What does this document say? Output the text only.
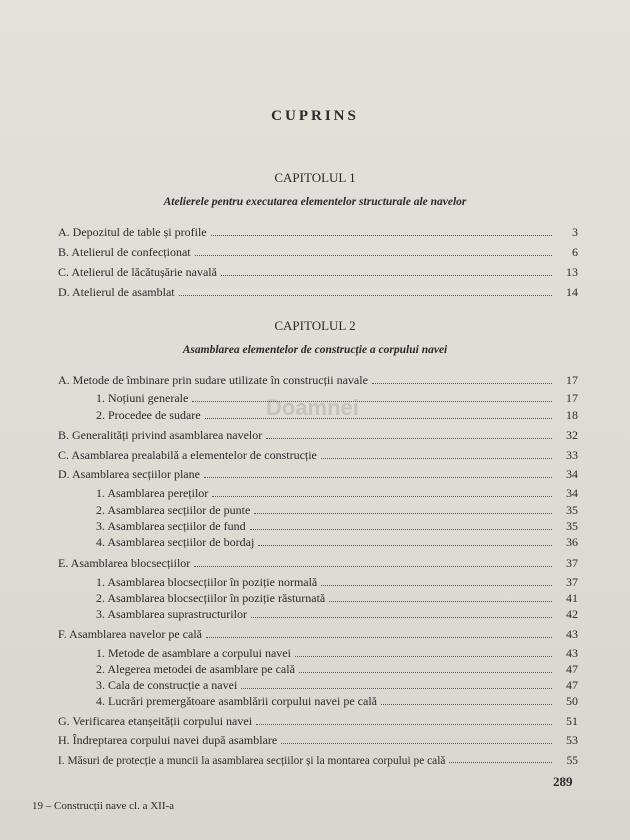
Doamnei
CUPRINS
CAPITOLUL 1
Atelierele pentru executarea elementelor structurale ale navelor
A. Depozitul de table și profile	3
B. Atelierul de confecționat	6
C. Atelierul de lăcătușărie navală	13
D. Atelierul de asamblat	14
CAPITOLUL 2
Asamblarea elementelor de construcție a corpului navei
A. Metode de îmbinare prin sudare utilizate în construcții navale	17
1. Noțiuni generale	17
2. Procedee de sudare	18
B. Generalități privind asamblarea navelor	32
C. Asamblarea prealabilă a elementelor de construcție	33
D. Asamblarea secțiilor plane	34
1. Asamblarea pereților	34
2. Asamblarea secțiilor de punte	35
3. Asamblarea secțiilor de fund	35
4. Asamblarea secțiilor de bordaj	36
E. Asamblarea blocsecțiilor	37
1. Asamblarea blocsecțiilor în poziție normală	37
2. Asamblarea blocsecțiilor în poziție răsturnată	41
3. Asamblarea suprastructurilor	42
F. Asamblarea navelor pe cală	43
1. Metode de asamblare a corpului navei	43
2. Alegerea metodei de asamblare pe cală	47
3. Cala de construcție a navei	47
4. Lucrări premergătoare asamblării corpului navei pe cală	50
G. Verificarea etanșeității corpului navei	51
H. Îndreptarea corpului navei după asamblare	53
I. Măsuri de protecție a muncii la asamblarea secțiilor și la montarea corpului pe cală	55
289
19 – Construcții nave cl. a XII-a
